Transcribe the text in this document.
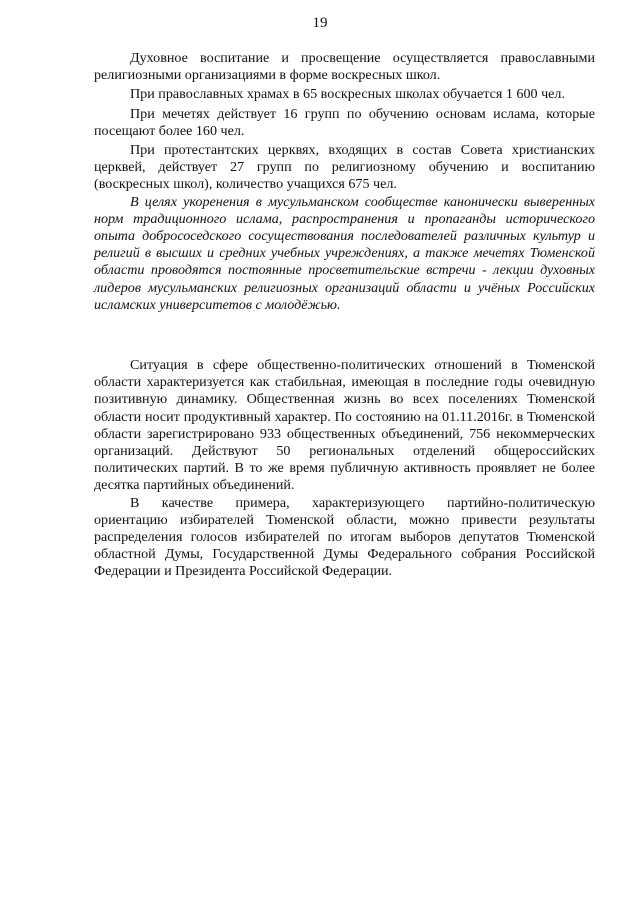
19

Духовное воспитание и просвещение осуществляется православными религиозными организациями в форме воскресных школ.

При православных храмах в 65 воскресных школах обучается 1 600 чел.

При мечетях действует 16 групп по обучению основам ислама, которые посещают более 160 чел.

При протестантских церквях, входящих в состав Совета христианских церквей, действует 27 групп по религиозному обучению и воспитанию (воскресных школ), количество учащихся 675 чел.

В целях укоренения в мусульманском сообществе канонически выверенных норм традиционного ислама, распространения и пропаганды исторического опыта добрососедского сосуществования последователей различных культур и религий в высших и средних учебных учреждениях, а также мечетях Тюменской области проводятся постоянные просветительские встречи - лекции духовных лидеров мусульманских религиозных организаций области и учёных Российских исламских университетов с молодёжью.

Ситуация в сфере общественно-политических отношений в Тюменской области характеризуется как стабильная, имеющая в последние годы очевидную позитивную динамику. Общественная жизнь во всех поселениях Тюменской области носит продуктивный характер. По состоянию на 01.11.2016г. в Тюменской области зарегистрировано 933 общественных объединений, 756 некоммерческих организаций. Действуют 50 региональных отделений общероссийских политических партий. В то же время публичную активность проявляет не более десятка партийных объединений.

В качестве примера, характеризующего партийно-политическую ориентацию избирателей Тюменской области, можно привести результаты распределения голосов избирателей по итогам выборов депутатов Тюменской областной Думы, Государственной Думы Федерального собрания Российской Федерации и Президента Российской Федерации.
